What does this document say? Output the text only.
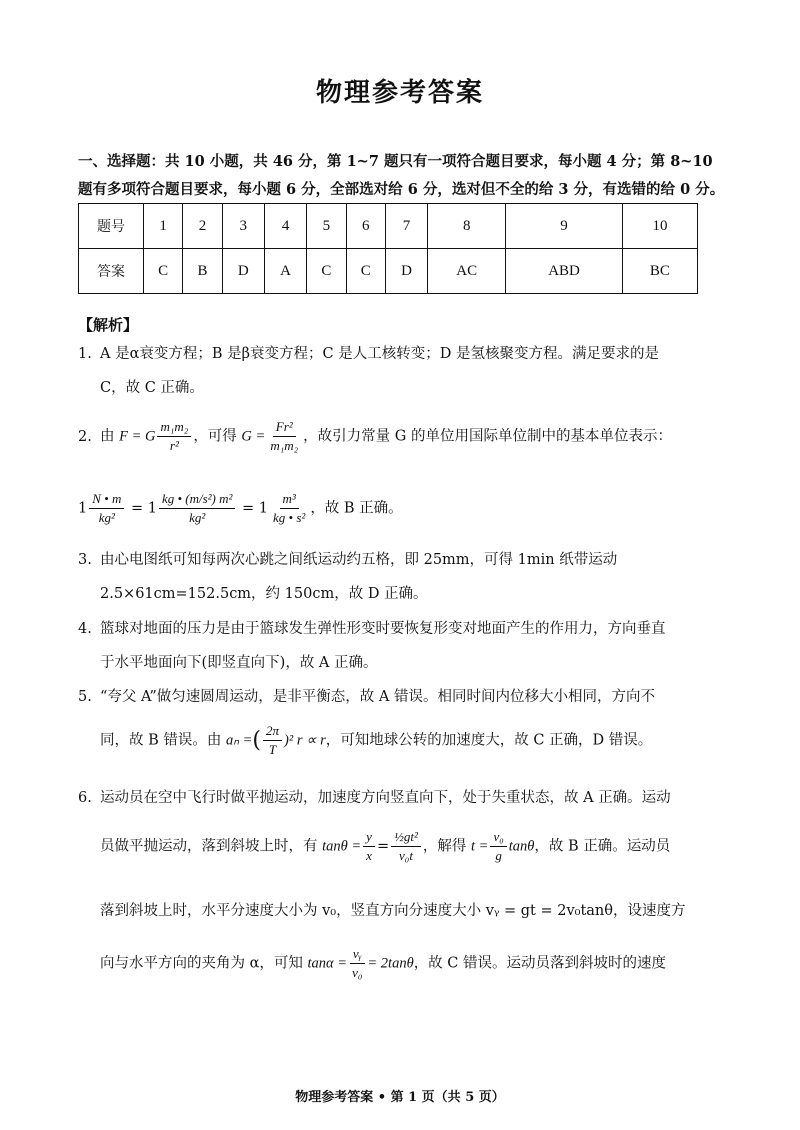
物理参考答案
一、选择题：共 10 小题，共 46 分，第 1~7 题只有一项符合题目要求，每小题 4 分；第 8~10 题有多项符合题目要求，每小题 6 分，全部选对给 6 分，选对但不全的给 3 分，有选错的给 0 分。
题号	1	2	3	4	5	6	7	8	9	10
答案	C	B	D	A	C	C	D	AC	ABD	BC
【解析】
1. A 是α衰变方程；B 是β衰变方程；C 是人工核转变；D 是氢核聚变方程。满足要求的是
C，故 C 正确。
2. 由 F = G $\frac{\text{m₁m₂}}{\text{r²}}$ ，可得 $G = \frac{\text{Fr²}}{\text{m₁m₂}}$ ，故引力常量 G 的单位用国际单位制中的基本单位表示：
$1 \frac{N • m}{\text{kg²}} = 1 \frac{\text{kg • (m/s²) m²}}{\text{kg²}} = 1 \frac{\text{m³}}{\text{kg • s²}}$ ，故 B 正确。
3. 由心电图纸可知每两次心跳之间纸运动约五格，即 25mm，可得 1min 纸带运动
2.5×61cm=152.5cm，约 150cm，故 D 正确。
4. 篮球对地面的压力是由于篮球发生弹性形变时要恢复形变对地面产生的作用力，方向垂直
于水平地面向下(即竖直向下)，故 A 正确。
5. “夸父 A”做匀速圆周运动，是非平衡态，故 A 错误。相同时间内位移大小相同，方向不
同，故 B 错误。由 aₙ =( $\frac{2\pi}{T} )^2$ r ∝ r，可知地球公转的加速度大，故 C 正确，D 错误。
6. 运动员在空中飞行时做平抛运动，加速度方向竖直向下，处于失重状态，故 A 正确。运动
员做平抛运动，落到斜坡上时，有 $\tan\theta = \frac{y}{x} = \frac{\text{½gt²}}{\text{v₀t}}$ ，解得 $t = \frac{\text{v₀}}{g}$ tanθ，故 B 正确。运动员
落到斜坡上时，水平分速度大小为 v₀，竖直方向分速度大小 vᵧ = gt = 2v₀tanθ，设速度方
向与水平方向的夹角为 α，可知 $\tan\alpha = \frac{\text{vᵧ}}{\text{v₀}} = 2\tan\theta$，故 C 错误。运动员落到斜坡时的速度
物理参考答案 • 第 1 页（共 5 页）
